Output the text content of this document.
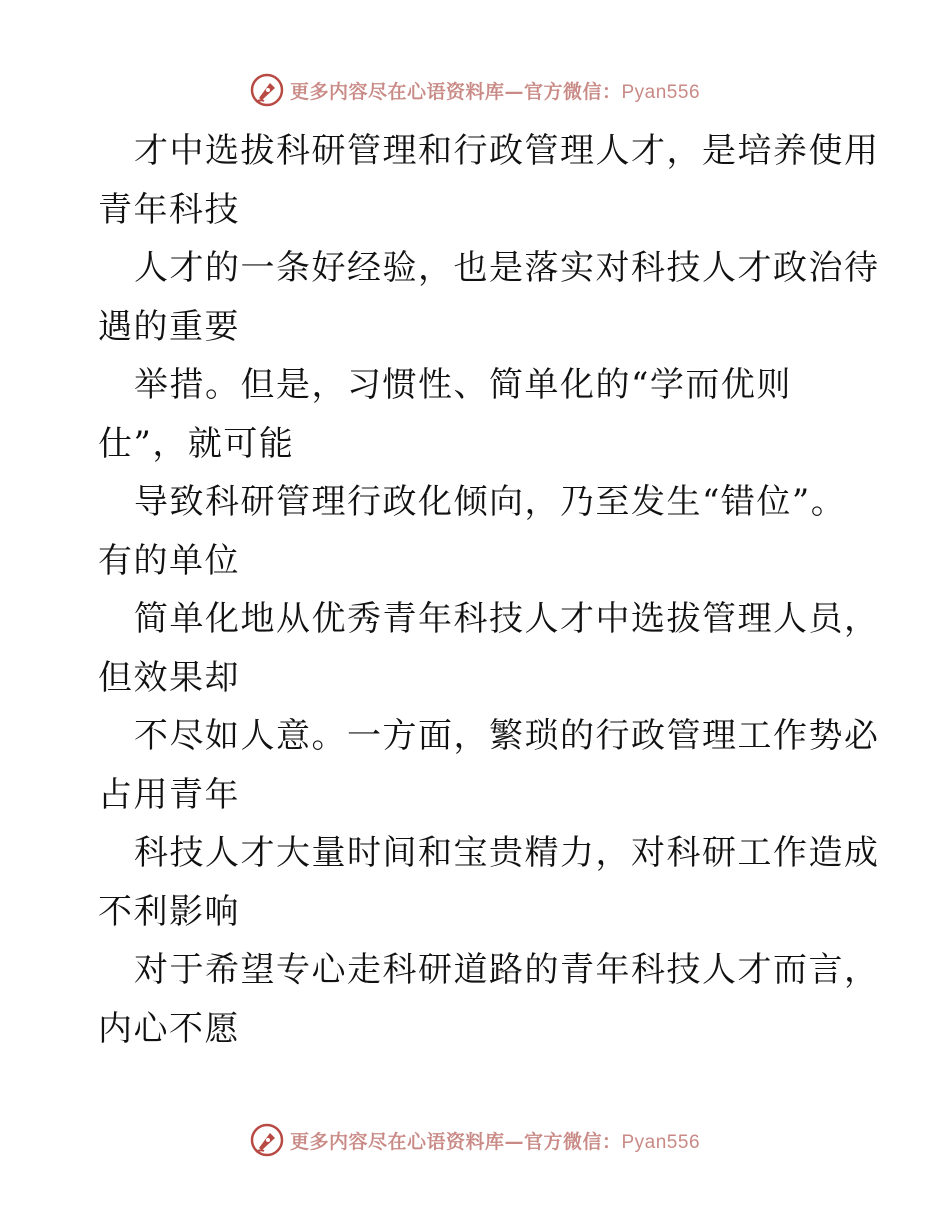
更多内容尽在心语资料库—官方微信：Pyan556

才中选拔科研管理和行政管理人才，是培养使用

青年科技

人才的一条好经验，也是落实对科技人才政治待

遇的重要

举措。但是，习惯性、简单化的“学而优则

仕”，就可能

导致科研管理行政化倾向，乃至发生“错位”。

有的单位

简单化地从优秀青年科技人才中选拔管理人员，

但效果却

不尽如人意。一方面，繁琐的行政管理工作势必

占用青年

科技人才大量时间和宝贵精力，对科研工作造成

不利影响

对于希望专心走科研道路的青年科技人才而言，

内心不愿

更多内容尽在心语资料库—官方微信：Pyan556
